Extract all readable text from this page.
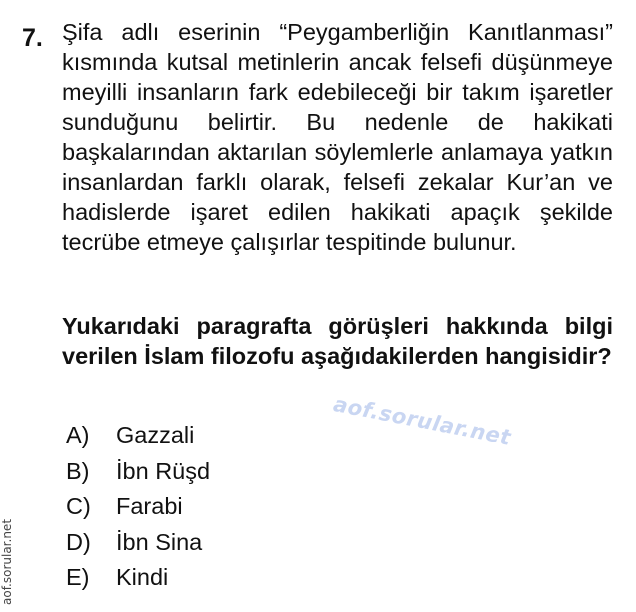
7. Şifa adlı eserinin “Peygamberliğin Kanıtlanması” kısmında kutsal metinlerin ancak felsefi düşünmeye meyilli insanların fark edebileceği bir takım işaretler sunduğunu belirtir. Bu nedenle de hakikati başkalarından aktarılan söylemlerle anlamaya yatkın insanlardan farklı olarak, felsefi zekalar Kur’an ve hadislerde işaret edilen hakikati apaçık şekilde tecrübe etmeye çalışırlar tespitinde bulunur.
Yukarıdaki paragrafta görüşleri hakkında bilgi verilen İslam filozofu aşağıdakilerden hangisidir?
A)	Gazzali
B)	İbn Rüşd
C)	Farabi
D)	İbn Sina
E)	Kindi
aof.sorular.net
aof.sorular.net
